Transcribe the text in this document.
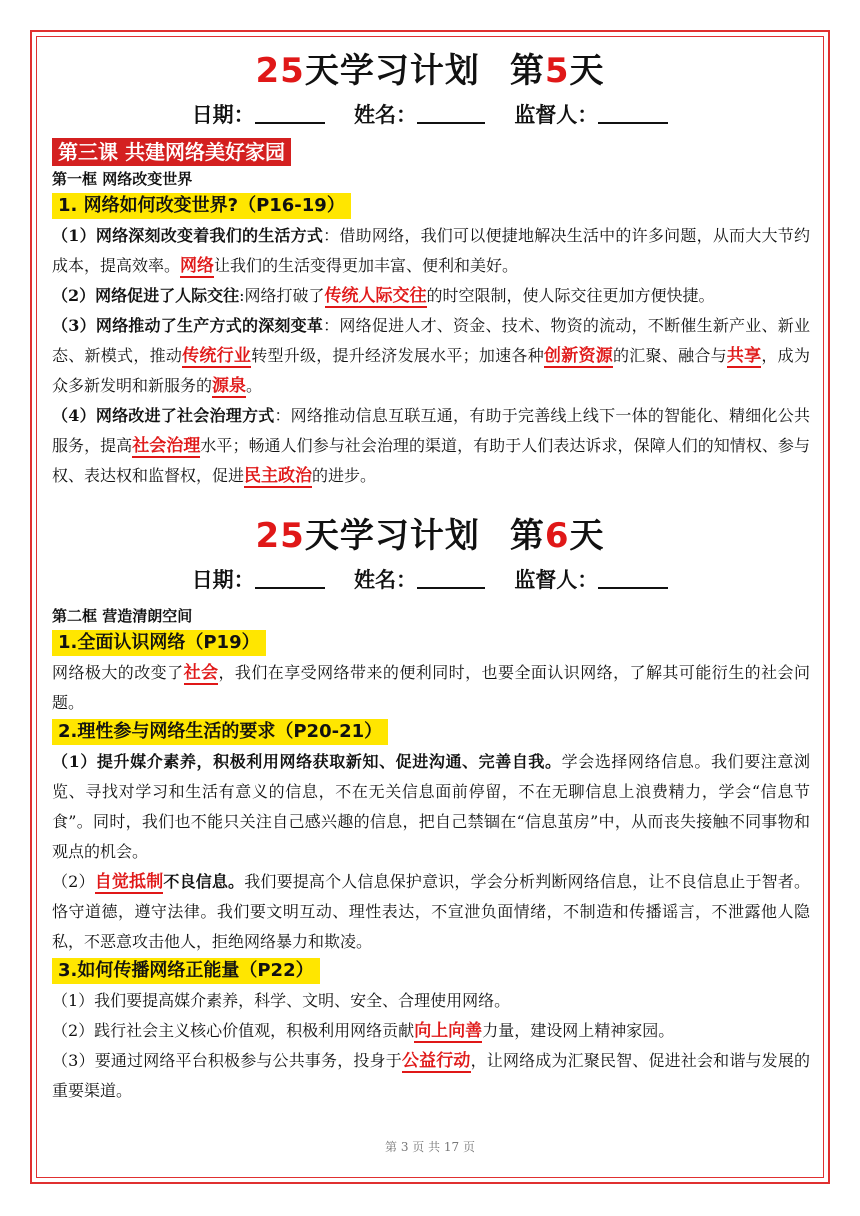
25天学习计划 第5天
日期：	姓名：	监督人：
第三课 共建网络美好家园
第一框 网络改变世界
1. 网络如何改变世界?（P16-19）

（1）网络深刻改变着我们的生活方式：借助网络，我们可以便捷地解决生活中的许多问题，从而大大节约成本，提高效率。网络让我们的生活变得更加丰富、便利和美好。

（2）网络促进了人际交往:网络打破了传统人际交往的时空限制，使人际交往更加方便快捷。

（3）网络推动了生产方式的深刻变革：网络促进人才、资金、技术、物资的流动，不断催生新产业、新业态、新模式，推动传统行业转型升级，提升经济发展水平；加速各种创新资源的汇聚、融合与共享，成为众多新发明和新服务的源泉。

（4）网络改进了社会治理方式：网络推动信息互联互通，有助于完善线上线下一体的智能化、精细化公共服务，提高社会治理水平；畅通人们参与社会治理的渠道，有助于人们表达诉求，保障人们的知情权、参与权、表达权和监督权，促进民主政治的进步。

25天学习计划 第6天
日期：	姓名：	监督人：
第二框 营造清朗空间
1.全面认识网络（P19）

网络极大的改变了社会，我们在享受网络带来的便利同时，也要全面认识网络，了解其可能衍生的社会问题。

2.理性参与网络生活的要求（P20-21）

（1）提升媒介素养，积极利用网络获取新知、促进沟通、完善自我。学会选择网络信息。我们要注意浏览、寻找对学习和生活有意义的信息，不在无关信息面前停留，不在无聊信息上浪费精力，学会“信息节食”。同时，我们也不能只关注自己感兴趣的信息，把自己禁锢在“信息茧房”中，从而丧失接触不同事物和观点的机会。

（2）自觉抵制不良信息。我们要提高个人信息保护意识，学会分析判断网络信息，让不良信息止于智者。恪守道德，遵守法律。我们要文明互动、理性表达，不宣泄负面情绪，不制造和传播谣言，不泄露他人隐私，不恶意攻击他人，拒绝网络暴力和欺凌。

3.如何传播网络正能量（P22）

（1）我们要提高媒介素养，科学、文明、安全、合理使用网络。

（2）践行社会主义核心价值观，积极利用网络贡献向上向善力量，建设网上精神家园。

（3）要通过网络平台积极参与公共事务，投身于公益行动，让网络成为汇聚民智、促进社会和谐与发展的重要渠道。

第 3 页 共 17 页
